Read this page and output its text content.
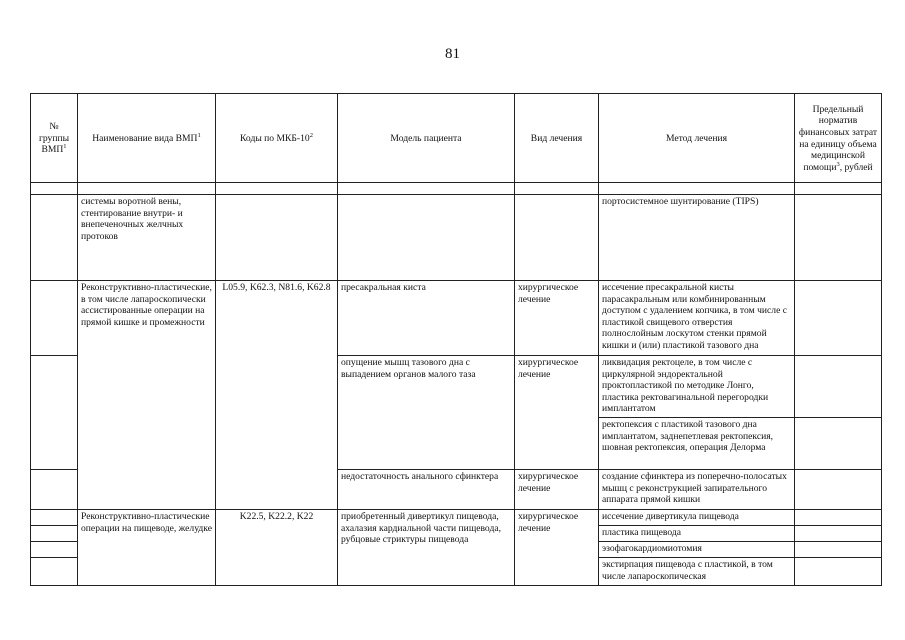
81
№ группы ВМП$^1$	Наименование вида ВМП$^1$	Коды по МКБ-$10^2$	Модель пациента	Вид лечения	Метод лечения	Предельный норматив финансовых затрат на единицу объема медицинской помощи$^3$, рублей

	системы воротной вены, стентирование внутри- и внепеченочных желчных протоков				портосистемное шунтирование (TIPS)	
	Реконструктивно-пластические, в том числе лапароскопически ассистированные операции на прямой кишке и промежности	L05.9, K62.3, N81.6, K62.8	пресакральная киста	хирургическое лечение	иссечение пресакральной кисты парасакральным или комбинированным доступом с удалением копчика, в том числе с пластикой свищевого отверстия полнослойным лоскутом стенки прямой кишки и (или) пластикой тазового дна	
			опущение мышц тазового дна с выпадением органов малого таза	хирургическое лечение	ликвидация ректоцеле, в том числе с циркулярной эндоректальной проктопластикой по методике Лонго, пластика ректовагинальной перегородки имплантатом	
					ректопексия с пластикой тазового дна имплантатом, заднепетлевая ректопексия, шовная ректопексия, операция Делорма	
			недостаточность анального сфинктера	хирургическое лечение	создание сфинктера из поперечно-полосатых мышц с реконструкцией запирательного аппарата прямой кишки	
	Реконструктивно-пластические операции на пищеводе, желудке	K22.5, K22.2, K22	приобретенный дивертикул пищевода, ахалазия кардиальной части пищевода, рубцовые стриктуры пищевода	хирургическое лечение	иссечение дивертикула пищевода	
					пластика пищевода	
					эзофагокардиомиотомия	
					экстирпация пищевода с пластикой, в том числе лапароскопическая	
